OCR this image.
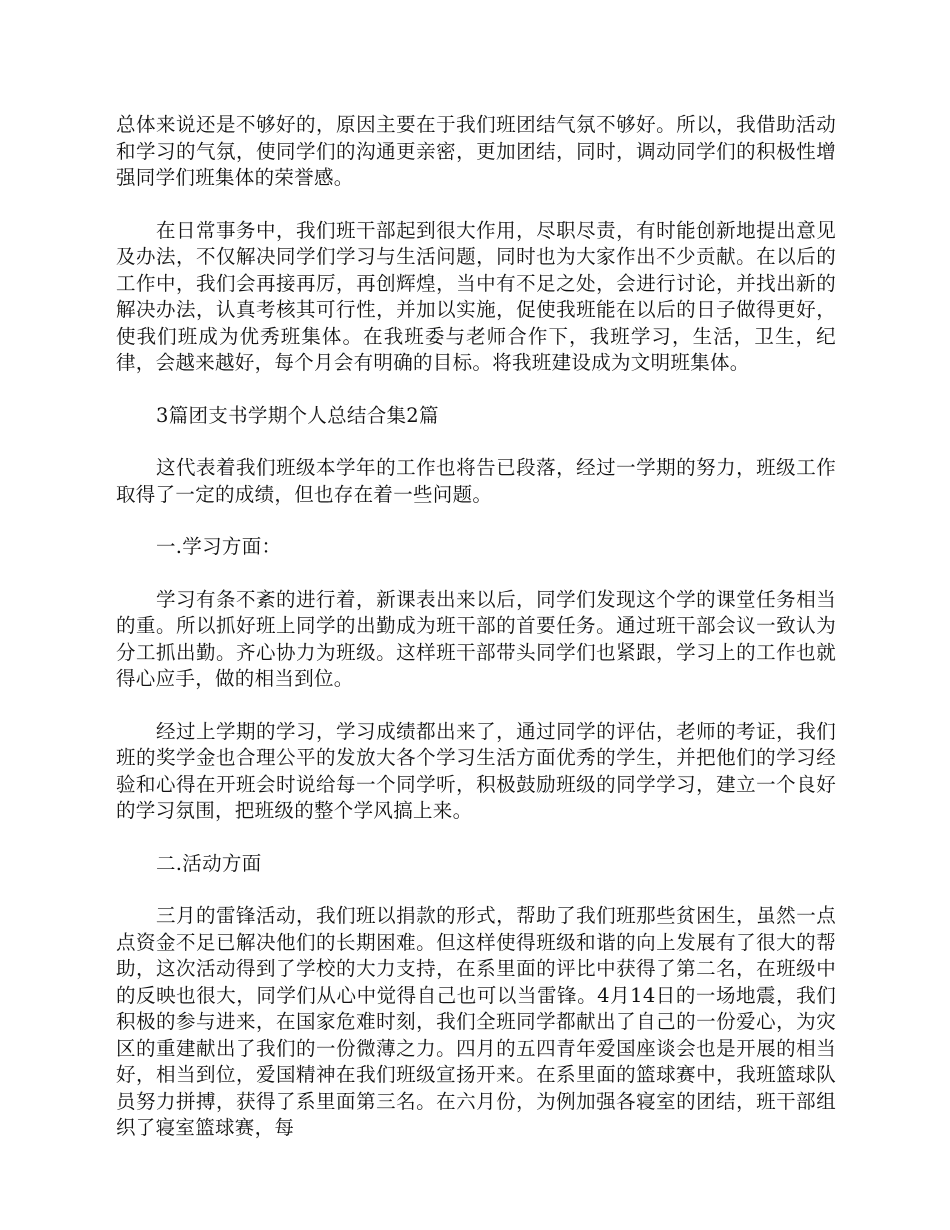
总体来说还是不够好的，原因主要在于我们班团结气氛不够好。所以，我借助活动和学习的气氛，使同学们的沟通更亲密，更加团结，同时，调动同学们的积极性增强同学们班集体的荣誉感。

在日常事务中，我们班干部起到很大作用，尽职尽责，有时能创新地提出意见及办法，不仅解决同学们学习与生活问题，同时也为大家作出不少贡献。在以后的工作中，我们会再接再厉，再创辉煌，当中有不足之处，会进行讨论，并找出新的解决办法，认真考核其可行性，并加以实施，促使我班能在以后的日子做得更好，使我们班成为优秀班集体。在我班委与老师合作下，我班学习，生活，卫生，纪律，会越来越好，每个月会有明确的目标。将我班建设成为文明班集体。

3篇团支书学期个人总结合集2篇

这代表着我们班级本学年的工作也将告已段落，经过一学期的努力，班级工作取得了一定的成绩，但也存在着一些问题。

一.学习方面：

学习有条不紊的进行着，新课表出来以后，同学们发现这个学的课堂任务相当的重。所以抓好班上同学的出勤成为班干部的首要任务。通过班干部会议一致认为分工抓出勤。齐心协力为班级。这样班干部带头同学们也紧跟，学习上的工作也就得心应手，做的相当到位。

经过上学期的学习，学习成绩都出来了，通过同学的评估，老师的考证，我们班的奖学金也合理公平的发放大各个学习生活方面优秀的学生，并把他们的学习经验和心得在开班会时说给每一个同学听，积极鼓励班级的同学学习，建立一个良好的学习氛围，把班级的整个学风搞上来。

二.活动方面

三月的雷锋活动，我们班以捐款的形式，帮助了我们班那些贫困生，虽然一点点资金不足已解决他们的长期困难。但这样使得班级和谐的向上发展有了很大的帮助，这次活动得到了学校的大力支持，在系里面的评比中获得了第二名，在班级中的反映也很大，同学们从心中觉得自己也可以当雷锋。4月14日的一场地震，我们积极的参与进来，在国家危难时刻，我们全班同学都献出了自己的一份爱心，为灾区的重建献出了我们的一份微薄之力。四月的五四青年爱国座谈会也是开展的相当好，相当到位，爱国精神在我们班级宣扬开来。在系里面的篮球赛中，我班篮球队员努力拼搏，获得了系里面第三名。在六月份，为例加强各寝室的团结，班干部组织了寝室篮球赛，每
